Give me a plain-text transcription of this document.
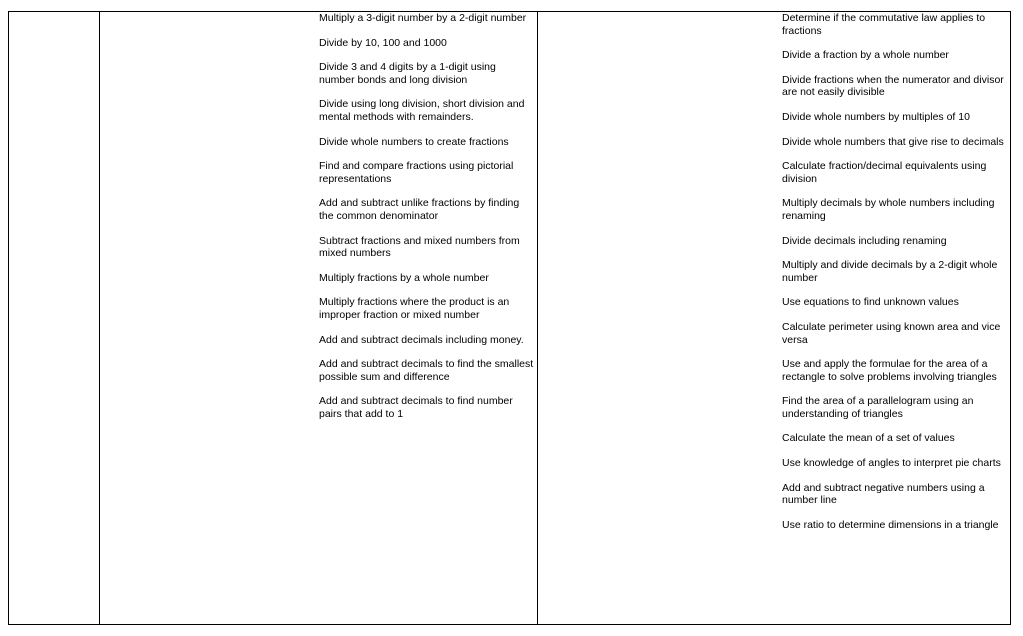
Multiply a 3-digit number by a 2-digit number
Divide by 10, 100 and 1000
Divide 3 and 4 digits by a 1-digit using number bonds and long division
Divide using long division, short division and mental methods with remainders.
Divide whole numbers to create fractions
Find and compare fractions using pictorial representations
Add and subtract unlike fractions by finding the common denominator
Subtract fractions and mixed numbers from mixed numbers
Multiply fractions by a whole number
Multiply fractions where the product is an improper fraction or mixed number
Add and subtract decimals including money.
Add and subtract decimals to find the smallest possible sum and difference
Add and subtract decimals to find number pairs that add to 1
Determine if the commutative law applies to fractions
Divide a fraction by a whole number
Divide fractions when the numerator and divisor are not easily divisible
Divide whole numbers by multiples of 10
Divide whole numbers that give rise to decimals
Calculate fraction/decimal equivalents using division
Multiply decimals by whole numbers including renaming
Divide decimals including renaming
Multiply and divide decimals by a 2-digit whole number
Use equations to find unknown values
Calculate perimeter using known area and vice versa
Use and apply the formulae for the area of a rectangle to solve problems involving triangles
Find the area of a parallelogram using an understanding of triangles
Calculate the mean of a set of values
Use knowledge of angles to interpret pie charts
Add and subtract negative numbers using a number line
Use ratio to determine dimensions in a triangle
